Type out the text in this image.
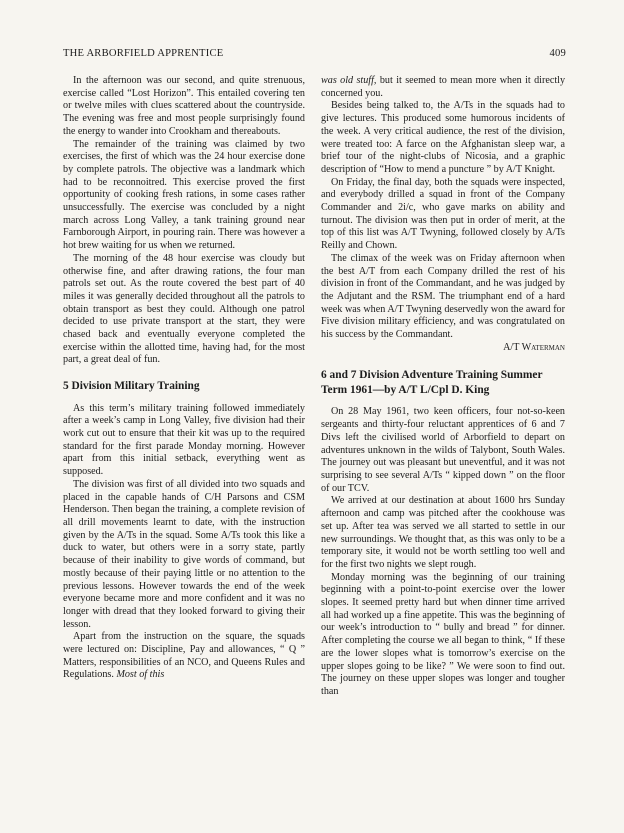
THE ARBORFIELD APPRENTICE	409

In the afternoon was our second, and quite strenuous, exercise called “Lost Horizon”. This entailed covering ten or twelve miles with clues scattered about the countryside. The evening was free and most people surprisingly found the energy to wander into Crookham and thereabouts.

The remainder of the training was claimed by two exercises, the first of which was the 24 hour exercise done by complete patrols. The objective was a landmark which had to be reconnoitred. This exercise proved the first opportunity of cooking fresh rations, in some cases rather unsuccessfully. The exercise was concluded by a night march across Long Valley, a tank training ground near Farnborough Airport, in pouring rain. There was however a hot brew waiting for us when we returned.

The morning of the 48 hour exercise was cloudy but otherwise fine, and after drawing rations, the four man patrols set out. As the route covered the best part of 40 miles it was generally decided throughout all the patrols to obtain transport as best they could. Although one patrol decided to use private transport at the start, they were chased back and eventually everyone completed the exercise within the allotted time, having had, for the most part, a great deal of fun.

5 Division Military Training

As this term’s military training followed immediately after a week’s camp in Long Valley, five division had their work cut out to ensure that their kit was up to the required standard for the first parade Monday morning. However apart from this initial setback, everything went as supposed.

The division was first of all divided into two squads and placed in the capable hands of C/H Parsons and CSM Henderson. Then began the training, a complete revision of all drill movements learnt to date, with the instruction given by the A/Ts in the squad. Some A/Ts took this like a duck to water, but others were in a sorry state, partly because of their inability to give words of command, but mostly because of their paying little or no attention to the previous lessons. However towards the end of the week everyone became more and more confident and it was no longer with dread that they looked forward to giving their lesson.

Apart from the instruction on the square, the squads were lectured on: Discipline, Pay and allowances, “ Q ” Matters, responsibilities of an NCO, and Queens Rules and Regulations. Most of this

was old stuff, but it seemed to mean more when it directly concerned you.

Besides being talked to, the A/Ts in the squads had to give lectures. This produced some humorous incidents of the week. A very critical audience, the rest of the division, were treated too: A farce on the Afghanistan sleep war, a brief tour of the night-clubs of Nicosia, and a graphic description of “How to mend a puncture ” by A/T Knight.

On Friday, the final day, both the squads were inspected, and everybody drilled a squad in front of the Company Commander and 2i/c, who gave marks on ability and turnout. The division was then put in order of merit, at the top of this list was A/T Twyning, followed closely by A/Ts Reilly and Chown.

The climax of the week was on Friday afternoon when the best A/T from each Company drilled the rest of his division in front of the Commandant, and he was judged by the Adjutant and the RSM. The triumphant end of a hard week was when A/T Twyning deservedly won the award for Five division military efficiency, and was congratulated on his success by the Commandant.

A/T Waterman

6 and 7 Division Adventure Training Summer Term 1961—by A/T L/Cpl D. King

On 28 May 1961, two keen officers, four not-so-keen sergeants and thirty-four reluctant apprentices of 6 and 7 Divs left the civilised world of Arborfield to depart on adventures unknown in the wilds of Talybont, South Wales. The journey out was pleasant but uneventful, and it was not surprising to see several A/Ts “ kipped down ” on the floor of our TCV.

We arrived at our destination at about 1600 hrs Sunday afternoon and camp was pitched after the cookhouse was set up. After tea was served we all started to settle in our new surroundings. We thought that, as this was only to be a temporary site, it would not be worth settling too well and for the first two nights we slept rough.

Monday morning was the beginning of our training beginning with a point-to-point exercise over the lower slopes. It seemed pretty hard but when dinner time arrived all had worked up a fine appetite. This was the beginning of our week’s introduction to “ bully and bread ” for dinner. After completing the course we all began to think, “ If these are the lower slopes what is tomorrow’s exercise on the upper slopes going to be like? ” We were soon to find out. The journey on these upper slopes was longer and tougher than
